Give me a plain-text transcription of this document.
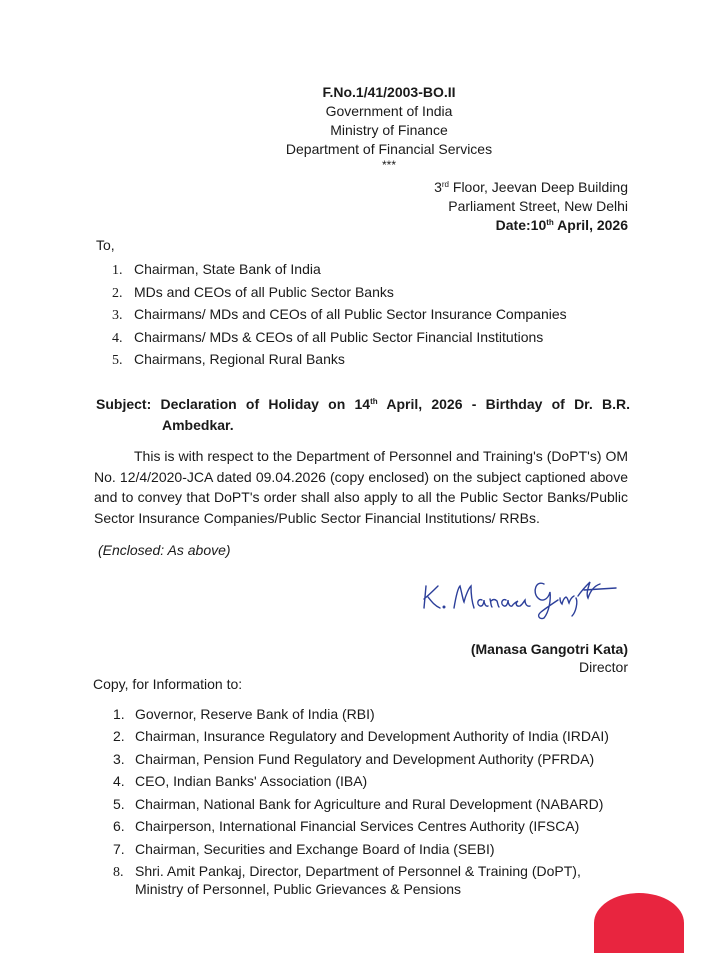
F.No.1/41/2003-BO.II
Government of India
Ministry of Finance
Department of Financial Services
***
3rd Floor, Jeevan Deep Building
Parliament Street, New Delhi
Date:10th April, 2026
To,
1. Chairman, State Bank of India
2. MDs and CEOs of all Public Sector Banks
3. Chairmans/ MDs and CEOs of all Public Sector Insurance Companies
4. Chairmans/ MDs & CEOs of all Public Sector Financial Institutions
5. Chairmans, Regional Rural Banks
Subject: Declaration of Holiday on 14th April, 2026 - Birthday of Dr. B.R.
Ambedkar.
This is with respect to the Department of Personnel and Training's (DoPT's) OM No. 12/4/2020-JCA dated 09.04.2026 (copy enclosed) on the subject captioned above and to convey that DoPT's order shall also apply to all the Public Sector Banks/Public Sector Insurance Companies/Public Sector Financial Institutions/ RRBs.
(Enclosed: As above)
K. Manasa Gangotri
(Manasa Gangotri Kata)
Director
Copy, for Information to:
1. Governor, Reserve Bank of India (RBI)
2. Chairman, Insurance Regulatory and Development Authority of India (IRDAI)
3. Chairman, Pension Fund Regulatory and Development Authority (PFRDA)
4. CEO, Indian Banks' Association (IBA)
5. Chairman, National Bank for Agriculture and Rural Development (NABARD)
6. Chairperson, International Financial Services Centres Authority (IFSCA)
7. Chairman, Securities and Exchange Board of India (SEBI)
8. Shri. Amit Pankaj, Director, Department of Personnel & Training (DoPT),
Ministry of Personnel, Public Grievances & Pensions
